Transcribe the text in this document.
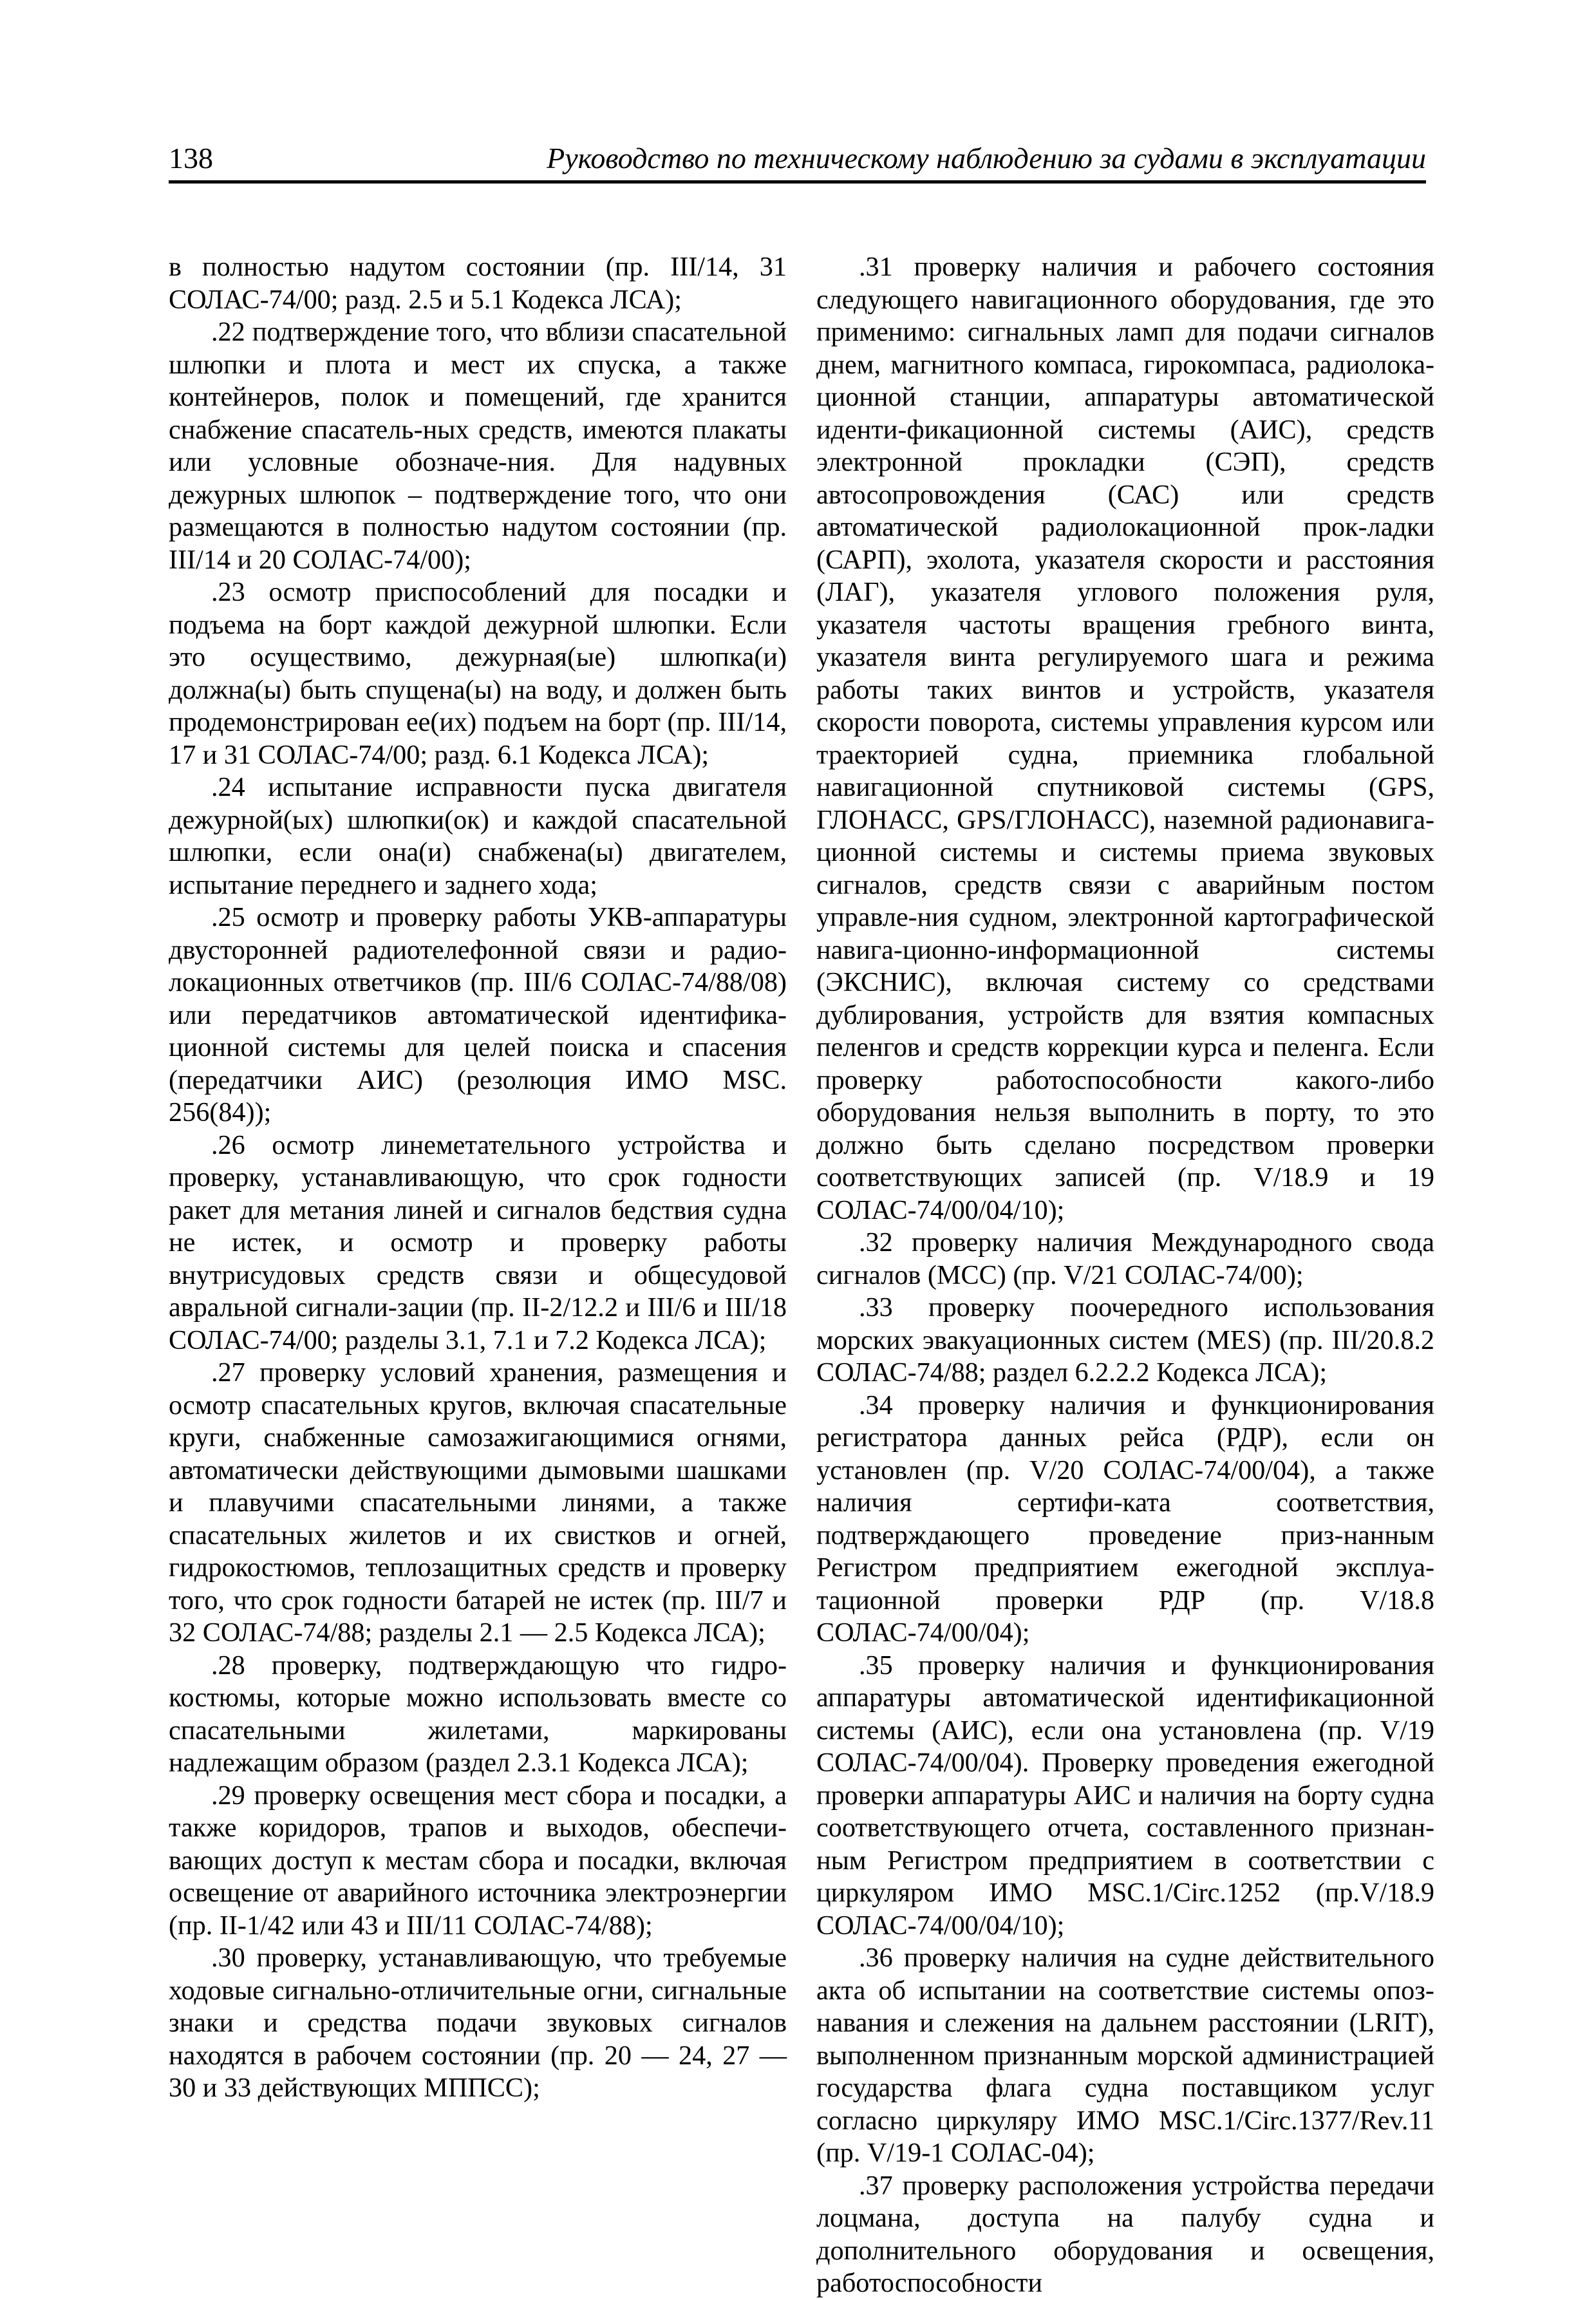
138	Руководство по техническому наблюдению за судами в эксплуатации

в полностью надутом состоянии (пр. III/14, 31 СОЛАС-74/00; разд. 2.5 и 5.1 Кодекса ЛСА);

.22 подтверждение того, что вблизи спасательной шлюпки и плота и мест их спуска, а также контейнеров, полок и помещений, где хранится снабжение спасатель-ных средств, имеются плакаты или условные обозначе-ния. Для надувных дежурных шлюпок – подтверждение того, что они размещаются в полностью надутом состоянии (пр. III/14 и 20 СОЛАС-74/00);

.23 осмотр приспособлений для посадки и подъема на борт каждой дежурной шлюпки. Если это осуществимо, дежурная(ые) шлюпка(и) должна(ы) быть спущена(ы) на воду, и должен быть продемонстрирован ее(их) подъем на борт (пр. III/14, 17 и 31 СОЛАС-74/00; разд. 6.1 Кодекса ЛСА);

.24 испытание исправности пуска двигателя дежурной(ых) шлюпки(ок) и каждой спасательной шлюпки, если она(и) снабжена(ы) двигателем, испытание переднего и заднего хода;

.25 осмотр и проверку работы УКВ-аппаратуры двусторонней радиотелефонной связи и радио-локационных ответчиков (пр. III/6 СОЛАС-74/88/08) или передатчиков автоматической идентифика-ционной системы для целей поиска и спасения (передатчики АИС) (резолюция ИМО MSC. 256(84));

.26 осмотр линеметательного устройства и проверку, устанавливающую, что срок годности ракет для метания линей и сигналов бедствия судна не истек, и осмотр и проверку работы внутрисудовых средств связи и общесудовой авральной сигнали-зации (пр. II-2/12.2 и III/6 и III/18 СОЛАС-74/00; разделы 3.1, 7.1 и 7.2 Кодекса ЛСА);

.27 проверку условий хранения, размещения и осмотр спасательных кругов, включая спасательные круги, снабженные самозажигающимися огнями, автоматически действующими дымовыми шашками и плавучими спасательными линями, а также спасательных жилетов и их свистков и огней, гидрокостюмов, теплозащитных средств и проверку того, что срок годности батарей не истек (пр. III/7 и 32 СОЛАС-74/88; разделы 2.1 — 2.5 Кодекса ЛСА);

.28 проверку, подтверждающую что гидро-костюмы, которые можно использовать вместе со спасательными жилетами, маркированы надлежащим образом (раздел 2.3.1 Кодекса ЛСА);

.29 проверку освещения мест сбора и посадки, а также коридоров, трапов и выходов, обеспечи-вающих доступ к местам сбора и посадки, включая освещение от аварийного источника электроэнергии (пр. II-1/42 или 43 и III/11 СОЛАС-74/88);

.30 проверку, устанавливающую, что требуемые ходовые сигнально-отличительные огни, сигнальные знаки и средства подачи звуковых сигналов находятся в рабочем состоянии (пр. 20 — 24, 27 — 30 и 33 действующих МППСС);

.31 проверку наличия и рабочего состояния следующего навигационного оборудования, где это применимо: сигнальных ламп для подачи сигналов днем, магнитного компаса, гирокомпаса, радиолока-ционной станции, аппаратуры автоматической иденти-фикационной системы (АИС), средств электронной прокладки (СЭП), средств автосопровождения (САС) или средств автоматической радиолокационной прок-ладки (САРП), эхолота, указателя скорости и расстояния (ЛАГ), указателя углового положения руля, указателя частоты вращения гребного винта, указателя винта регулируемого шага и режима работы таких винтов и устройств, указателя скорости поворота, системы управления курсом или траекторией судна, приемника глобальной навигационной спутниковой системы (GPS, ГЛОНАСС, GPS/ГЛОНАСС), наземной радионавига-ционной системы и системы приема звуковых сигналов, средств связи с аварийным постом управле-ния судном, электронной картографической навига-ционно-информационной системы (ЭКСНИС), включая систему со средствами дублирования, устройств для взятия компасных пеленгов и средств коррекции курса и пеленга. Если проверку работоспособности какого-либо оборудования нельзя выполнить в порту, то это должно быть сделано посредством проверки соответствующих записей (пр. V/18.9 и 19 СОЛАС-74/00/04/10);

.32 проверку наличия Международного свода сигналов (МСС) (пр. V/21 СОЛАС-74/00);

.33 проверку поочередного использования морских эвакуационных систем (MES) (пр. III/20.8.2 СОЛАС-74/88; раздел 6.2.2.2 Кодекса ЛСА);

.34 проверку наличия и функционирования регистратора данных рейса (РДР), если он установлен (пр. V/20 СОЛАС-74/00/04), а также наличия сертифи-ката соответствия, подтверждающего проведение приз-нанным Регистром предприятием ежегодной эксплуа-тационной проверки РДР (пр. V/18.8 СОЛАС-74/00/04);

.35 проверку наличия и функционирования аппаратуры автоматической идентификационной системы (АИС), если она установлена (пр. V/19 СОЛАС-74/00/04). Проверку проведения ежегодной проверки аппаратуры АИС и наличия на борту судна соответствующего отчета, составленного признан-ным Регистром предприятием в соответствии с циркуляром ИМО MSC.1/Circ.1252 (пр.V/18.9 СОЛАС-74/00/04/10);

.36 проверку наличия на судне действительного акта об испытании на соответствие системы опоз-навания и слежения на дальнем расстоянии (LRIT), выполненном признанным морской администрацией государства флага судна поставщиком услуг согласно циркуляру ИМО MSC.1/Circ.1377/Rev.11 (пр. V/19-1 СОЛАС-04);

.37 проверку расположения устройства передачи лоцмана, доступа на палубу судна и дополнительного оборудования и освещения, работоспособности
